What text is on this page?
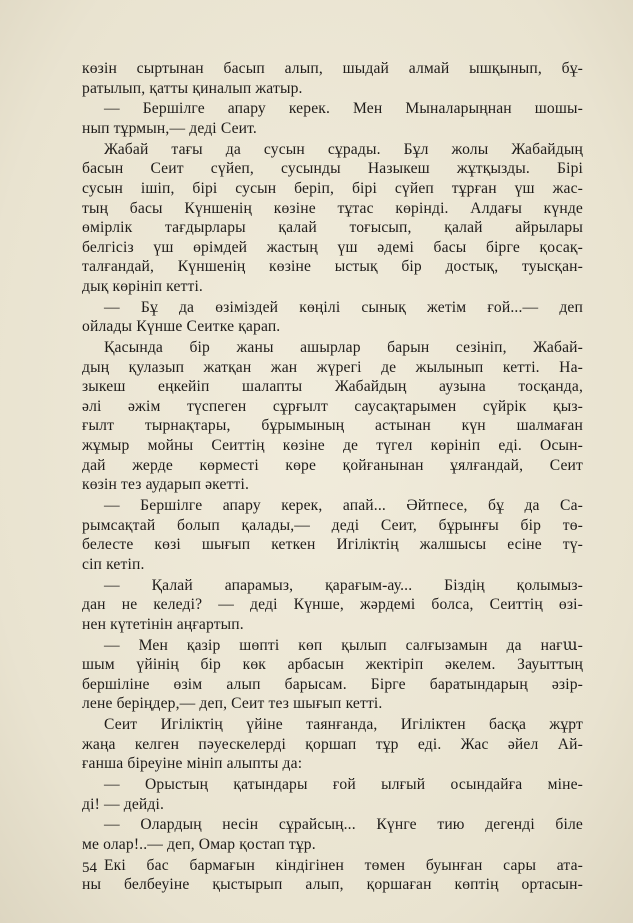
көзін сыртынан басып алып, шыдай алмай ышқынып, бұ-
ратылып, қатты қиналып жатыр.
— Бершілге апару керек. Мен Мыналарыңнан шошы-
нып тұрмын,— деді Сеит.
Жабай тағы да сусын сұрады. Бұл жолы Жабайдың
басын Сеит сүйеп, сусынды Назыкеш жұтқызды. Бірі
сусын ішіп, бірі сусын беріп, бірі сүйеп тұрған үш жас-
тың басы Күншенің көзіне тұтас көрінді. Алдағы күнде
өмірлік тағдырлары қалай тоғысып, қалай айрылары
белгісіз үш өрімдей жастың үш әдемі басы бірге қосақ-
талғандай, Күншенің көзіне ыстық бір достық, туысқан-
дық көрініп кетті.
— Бұ да өзіміздей көңілі сынық жетім ғой...— деп
ойлады Күнше Сеитке қарап.
Қасында бір жаны ашырлар барын сезініп, Жабай-
дың қулазып жатқан жан жүрегі де жылынып кетті. На-
зыкеш еңкейіп шалапты Жабайдың аузына тосқанда,
әлі әжім түспеген сұрғылт саусақтарымен сүйрік қыз-
ғылт тырнақтары, бұрымының астынан күн шалмаған
жұмыр мойны Сеиттің көзіне де түгел көрініп еді. Осын-
дай жерде көрместі көре қойғанынан ұялғандай, Сеит
көзін тез аударып әкетті.
— Бершілге апару керек, апай... Әйтпесе, бұ да Са-
рымсақтай болып қалады,— деді Сеит, бұрынғы бір тө-
белесте көзі шығып кеткен Игіліктің жалшысы есіне тү-
сіп кетіп.
— Қалай апарамыз, қарағым-ау... Біздің қолымыз-
дан не келеді? — деді Күнше, жәрдемі болса, Сеиттің өзі-
нен күтетінін аңғартып.
— Мен қазір шөпті көп қылып салғызамын да нағա-
шым үйінің бір көк арбасын жектіріп әкелем. Зауыттың
бершіліне өзім алып барысам. Бірге баратындарың әзір-
лене беріңдер,— деп, Сеит тез шығып кетті.
Сеит Игіліктің үйіне таянғанда, Игіліктен басқа жұрт
жаңа келген пәуескелерді қоршап тұр еді. Жас әйел Ай-
ғанша біреуіне мініп алыпты да:
— Орыстың қатындары ғой ылғый осындайға міне-
ді! — дейді.
— Олардың несін сұрайсың... Күнге тию дегенді біле
ме олар!..— деп, Омар қостап тұр.
Екі бас бармағын кіндігінен төмен буынған сары ата-
ны белбеуіне қыстырып алып, қоршаған көптің ортасын-
54
